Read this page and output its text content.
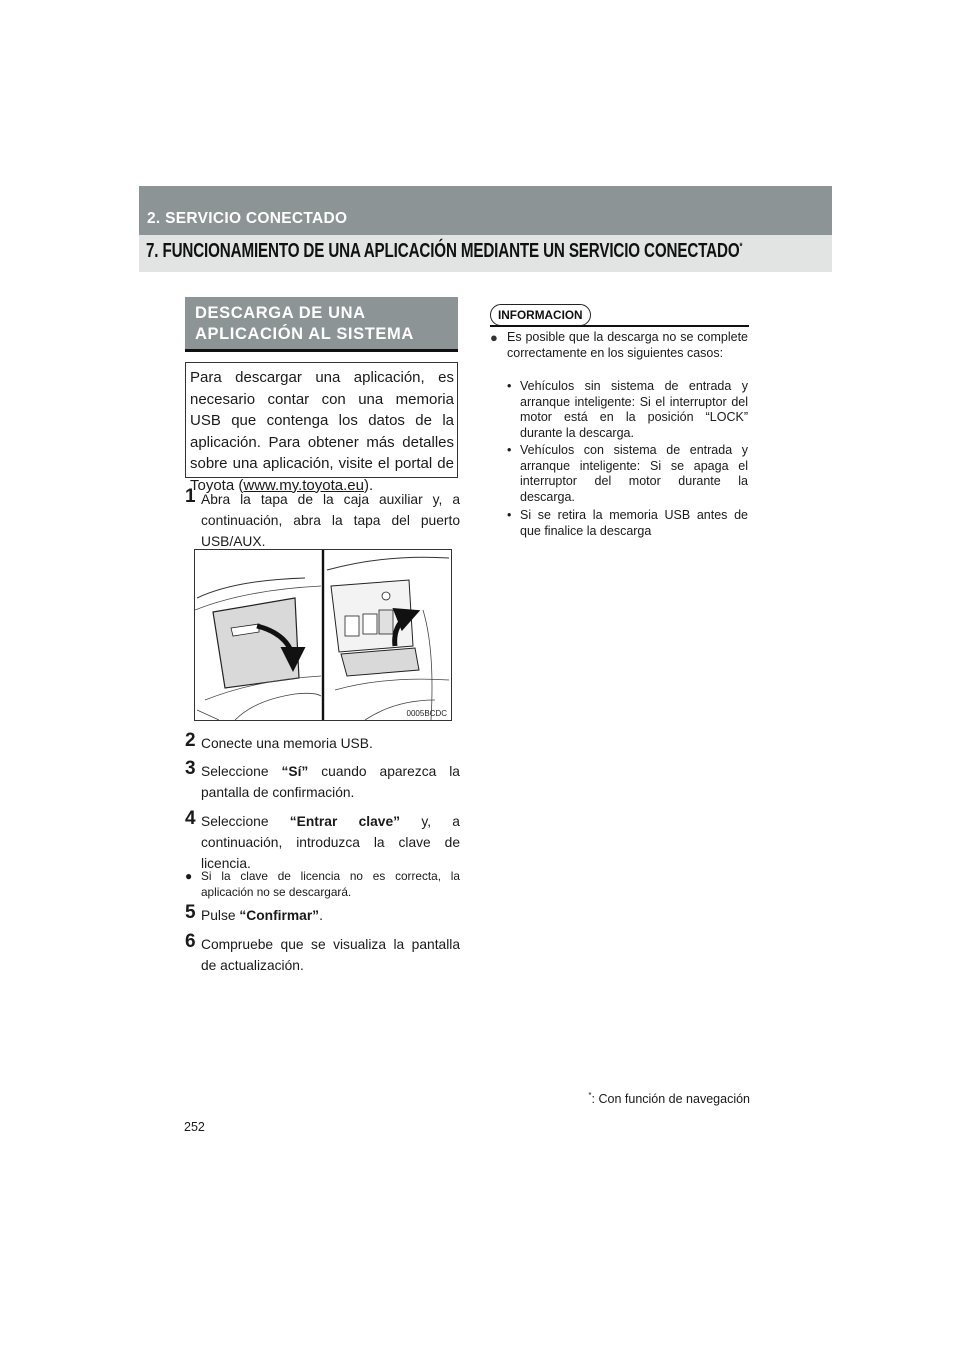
2. SERVICIO CONECTADO
7. FUNCIONAMIENTO DE UNA APLICACIÓN MEDIANTE UN SERVICIO CONECTADO*
DESCARGA DE UNA
APLICACIÓN AL SISTEMA
Para descargar una aplicación, es necesario contar con una memoria USB que contenga los datos de la aplicación. Para obtener más detalles sobre una aplicación, visite el portal de Toyota (www.my.toyota.eu).
1 Abra la tapa de la caja auxiliar y, a continuación, abra la tapa del puerto USB/AUX.
0005BCDC
2 Conecte una memoria USB.
3 Seleccione “Sí” cuando aparezca la pantalla de confirmación.
4 Seleccione “Entrar clave” y, a continuación, introduzca la clave de licencia.
● Si la clave de licencia no es correcta, la aplicación no se descargará.
5 Pulse “Confirmar”.
6 Compruebe que se visualiza la pantalla de actualización.
INFORMACION
● Es posible que la descarga no se complete correctamente en los siguientes casos:
• Vehículos sin sistema de entrada y arranque inteligente: Si el interruptor del motor está en la posición “LOCK” durante la descarga.
• Vehículos con sistema de entrada y arranque inteligente: Si se apaga el interruptor del motor durante la descarga.
• Si se retira la memoria USB antes de que finalice la descarga
*: Con función de navegación
252
